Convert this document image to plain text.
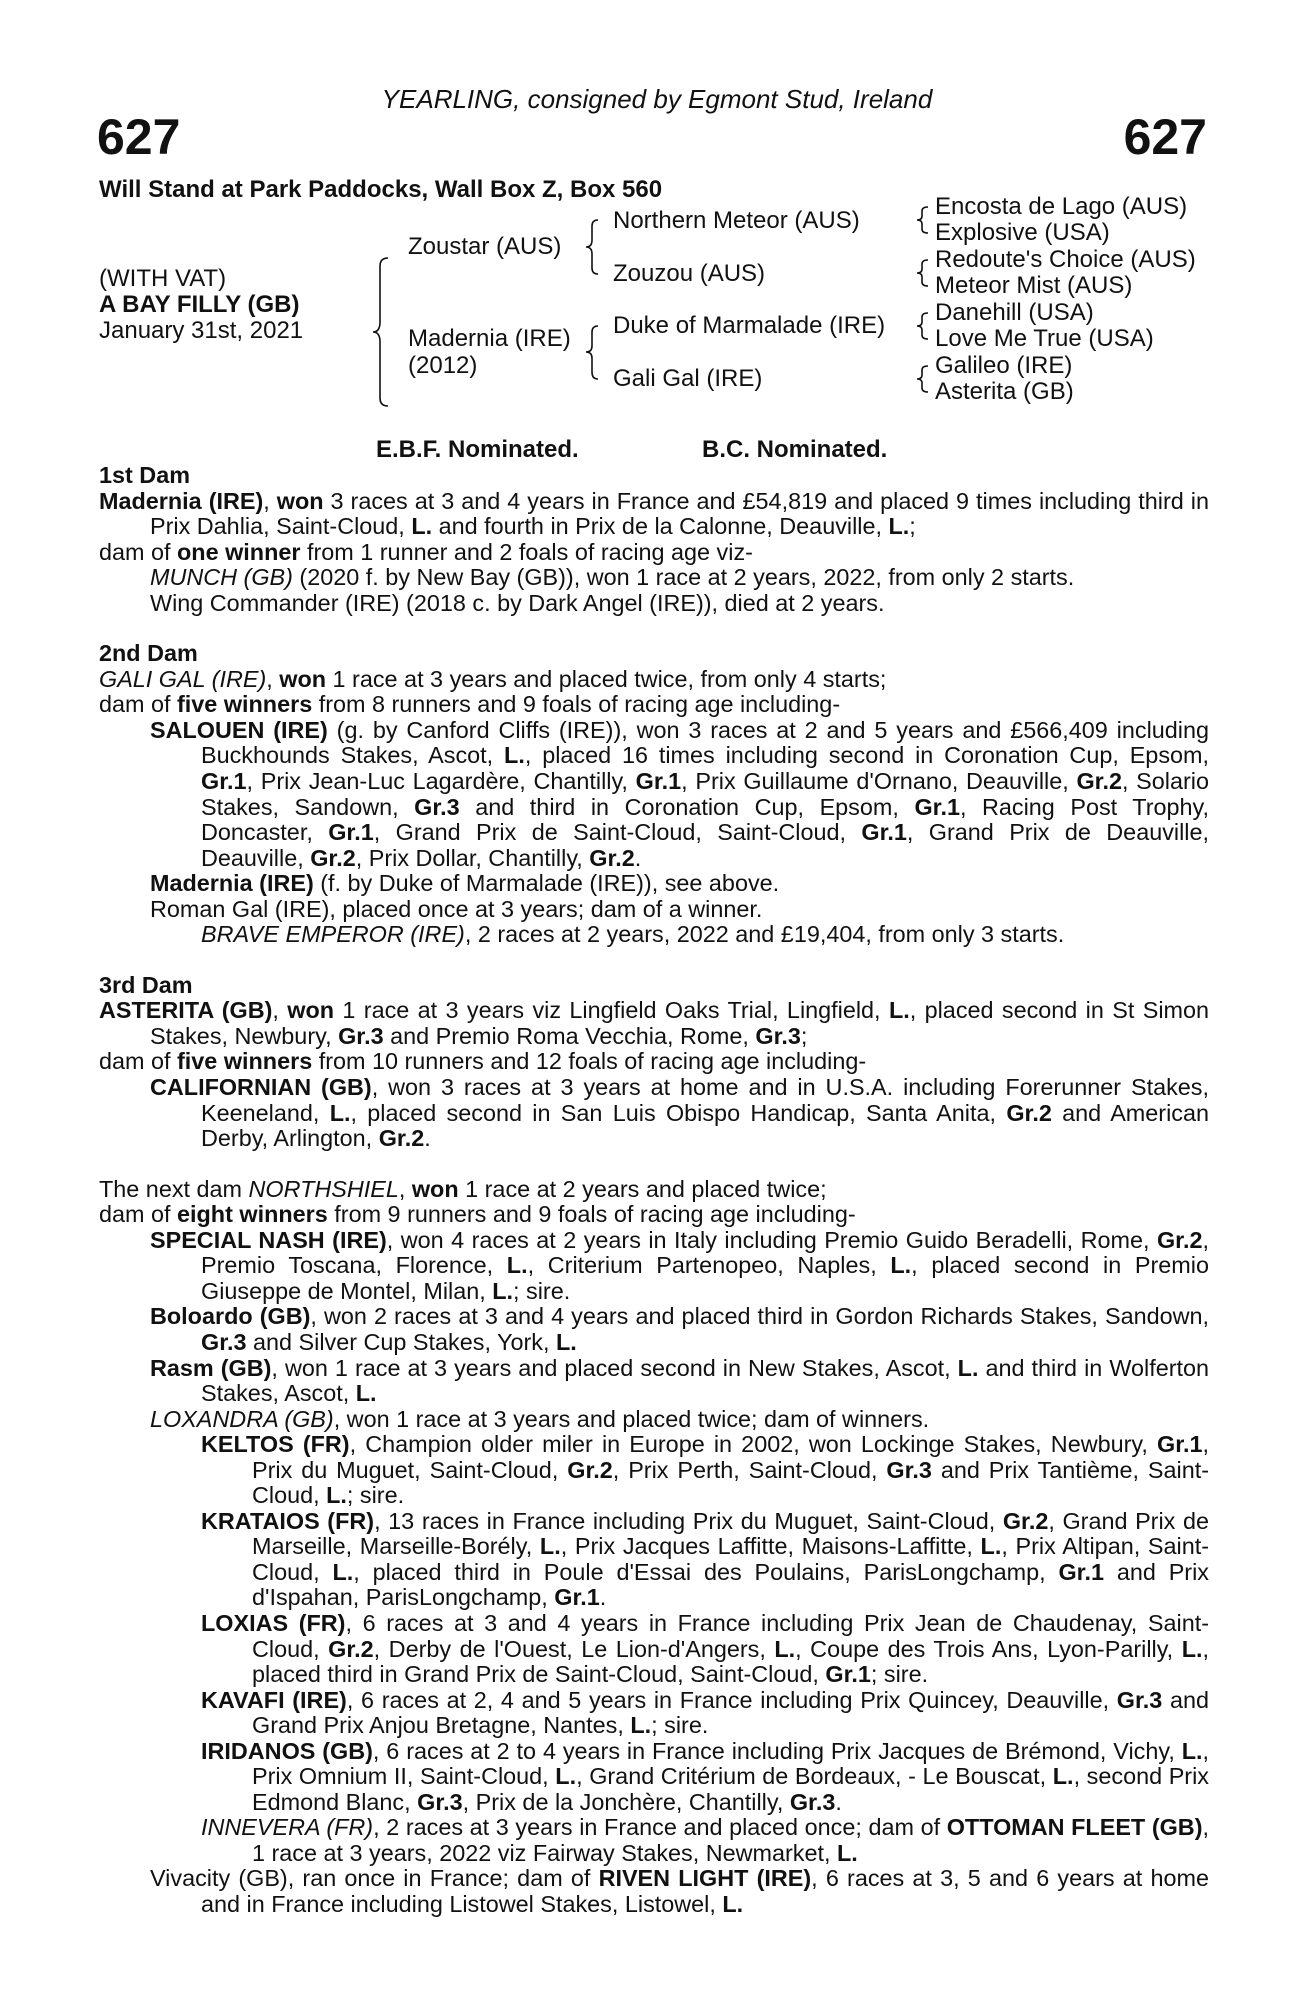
YEARLING, consigned by Egmont Stud, Ireland
627	627
Will Stand at Park Paddocks, Wall Box Z, Box 560
(WITH VAT)
A BAY FILLY (GB)
January 31st, 2021
Zoustar (AUS)
Madernia (IRE)
(2012)
Northern Meteor (AUS)
Zouzou (AUS)
Duke of Marmalade (IRE)
Gali Gal (IRE)
Encosta de Lago (AUS)
Explosive (USA)
Redoute's Choice (AUS)
Meteor Mist (AUS)
Danehill (USA)
Love Me True (USA)
Galileo (IRE)
Asterita (GB)
E.B.F. Nominated.	B.C. Nominated.

1st Dam

Madernia (IRE), won 3 races at 3 and 4 years in France and £54,819 and placed 9 times including third in Prix Dahlia, Saint-Cloud, L. and fourth in Prix de la Calonne, Deauville, L.;

dam of one winner from 1 runner and 2 foals of racing age viz-

MUNCH (GB) (2020 f. by New Bay (GB)), won 1 race at 2 years, 2022, from only 2 starts.

Wing Commander (IRE) (2018 c. by Dark Angel (IRE)), died at 2 years.

2nd Dam

GALI GAL (IRE), won 1 race at 3 years and placed twice, from only 4 starts;

dam of five winners from 8 runners and 9 foals of racing age including-

SALOUEN (IRE) (g. by Canford Cliffs (IRE)), won 3 races at 2 and 5 years and £566,409 including Buckhounds Stakes, Ascot, L., placed 16 times including second in Coronation Cup, Epsom, Gr.1, Prix Jean-Luc Lagardère, Chantilly, Gr.1, Prix Guillaume d'Ornano, Deauville, Gr.2, Solario Stakes, Sandown, Gr.3 and third in Coronation Cup, Epsom, Gr.1, Racing Post Trophy, Doncaster, Gr.1, Grand Prix de Saint-Cloud, Saint-Cloud, Gr.1, Grand Prix de Deauville, Deauville, Gr.2, Prix Dollar, Chantilly, Gr.2.

Madernia (IRE) (f. by Duke of Marmalade (IRE)), see above.

Roman Gal (IRE), placed once at 3 years; dam of a winner.

BRAVE EMPEROR (IRE), 2 races at 2 years, 2022 and £19,404, from only 3 starts.

3rd Dam

ASTERITA (GB), won 1 race at 3 years viz Lingfield Oaks Trial, Lingfield, L., placed second in St Simon Stakes, Newbury, Gr.3 and Premio Roma Vecchia, Rome, Gr.3;

dam of five winners from 10 runners and 12 foals of racing age including-

CALIFORNIAN (GB), won 3 races at 3 years at home and in U.S.A. including Forerunner Stakes, Keeneland, L., placed second in San Luis Obispo Handicap, Santa Anita, Gr.2 and American Derby, Arlington, Gr.2.

The next dam NORTHSHIEL, won 1 race at 2 years and placed twice;

dam of eight winners from 9 runners and 9 foals of racing age including-

SPECIAL NASH (IRE), won 4 races at 2 years in Italy including Premio Guido Beradelli, Rome, Gr.2, Premio Toscana, Florence, L., Criterium Partenopeo, Naples, L., placed second in Premio Giuseppe de Montel, Milan, L.; sire.

Boloardo (GB), won 2 races at 3 and 4 years and placed third in Gordon Richards Stakes, Sandown, Gr.3 and Silver Cup Stakes, York, L.

Rasm (GB), won 1 race at 3 years and placed second in New Stakes, Ascot, L. and third in Wolferton Stakes, Ascot, L.

LOXANDRA (GB), won 1 race at 3 years and placed twice; dam of winners.

KELTOS (FR), Champion older miler in Europe in 2002, won Lockinge Stakes, Newbury, Gr.1, Prix du Muguet, Saint-Cloud, Gr.2, Prix Perth, Saint-Cloud, Gr.3 and Prix Tantième, Saint-Cloud, L.; sire.

KRATAIOS (FR), 13 races in France including Prix du Muguet, Saint-Cloud, Gr.2, Grand Prix de Marseille, Marseille-Borély, L., Prix Jacques Laffitte, Maisons-Laffitte, L., Prix Altipan, Saint-Cloud, L., placed third in Poule d'Essai des Poulains, ParisLongchamp, Gr.1 and Prix d'Ispahan, ParisLongchamp, Gr.1.

LOXIAS (FR), 6 races at 3 and 4 years in France including Prix Jean de Chaudenay, Saint-Cloud, Gr.2, Derby de l'Ouest, Le Lion-d'Angers, L., Coupe des Trois Ans, Lyon-Parilly, L., placed third in Grand Prix de Saint-Cloud, Saint-Cloud, Gr.1; sire.

KAVAFI (IRE), 6 races at 2, 4 and 5 years in France including Prix Quincey, Deauville, Gr.3 and Grand Prix Anjou Bretagne, Nantes, L.; sire.

IRIDANOS (GB), 6 races at 2 to 4 years in France including Prix Jacques de Brémond, Vichy, L., Prix Omnium II, Saint-Cloud, L., Grand Critérium de Bordeaux, - Le Bouscat, L., second Prix Edmond Blanc, Gr.3, Prix de la Jonchère, Chantilly, Gr.3.

INNEVERA (FR), 2 races at 3 years in France and placed once; dam of OTTOMAN FLEET (GB), 1 race at 3 years, 2022 viz Fairway Stakes, Newmarket, L.

Vivacity (GB), ran once in France; dam of RIVEN LIGHT (IRE), 6 races at 3, 5 and 6 years at home and in France including Listowel Stakes, Listowel, L.
